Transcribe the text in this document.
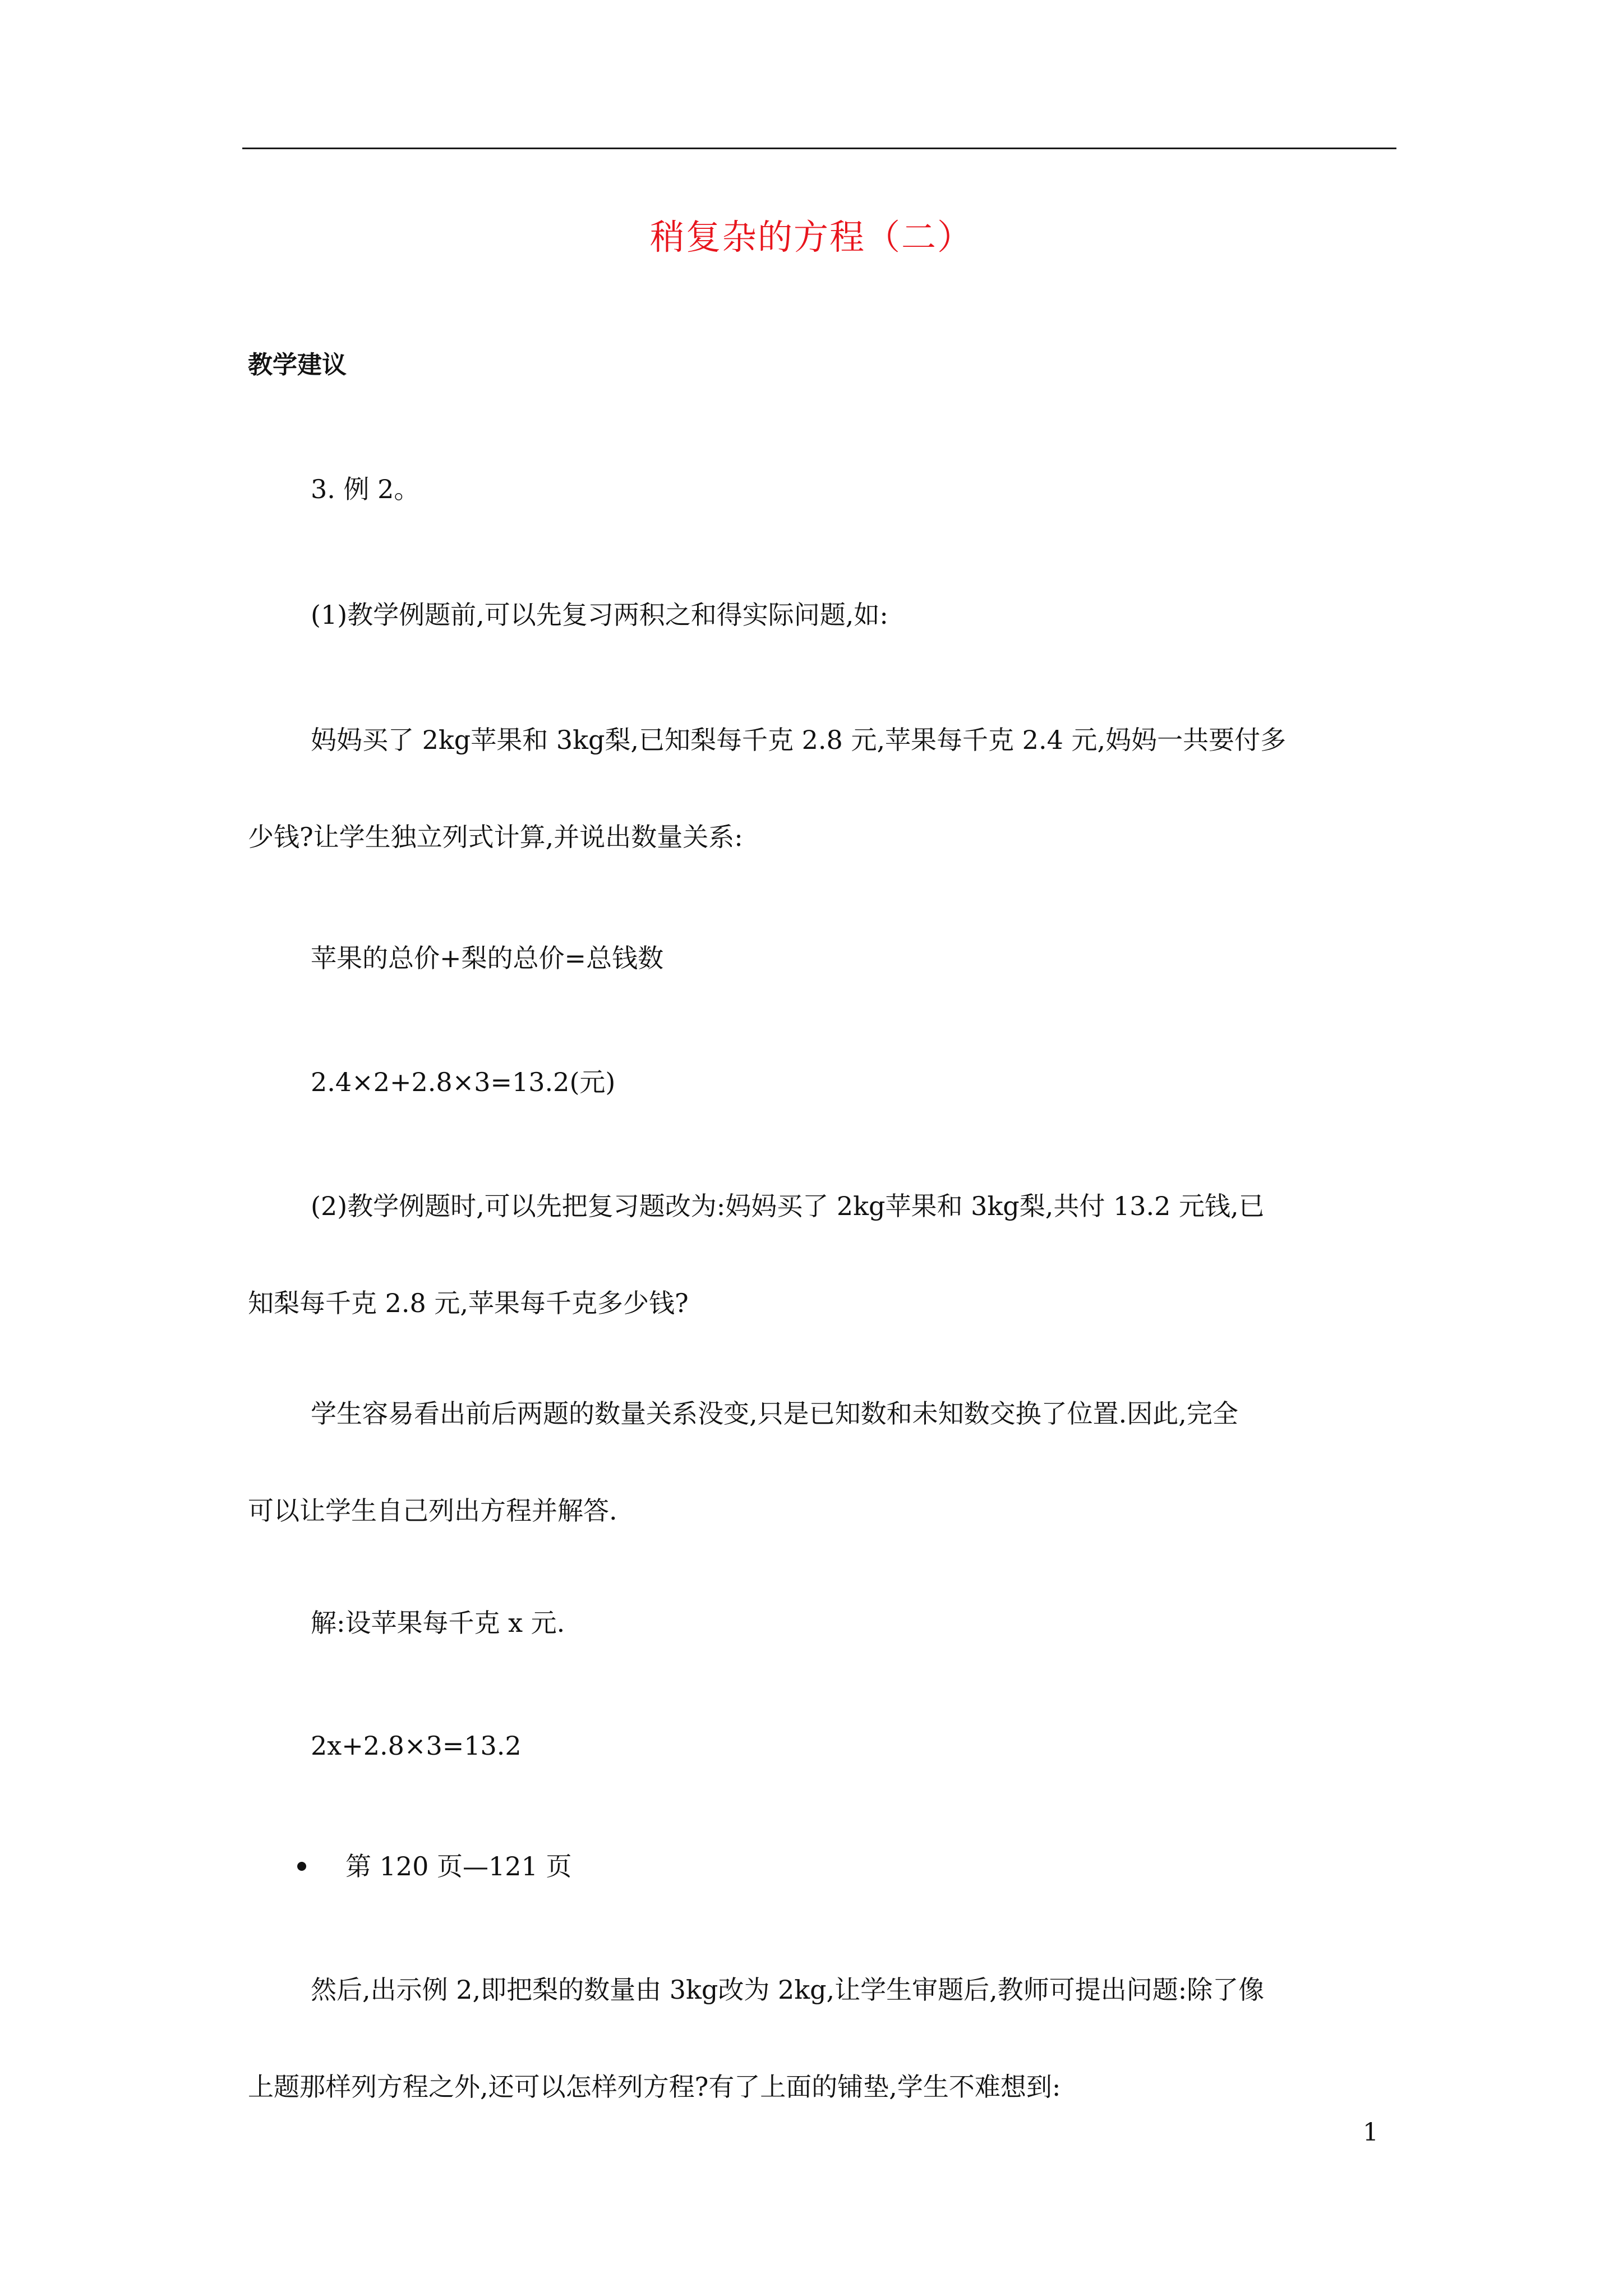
稍复杂的方程（二）
教学建议
3. 例 2。
(1)教学例题前,可以先复习两积之和得实际问题,如:
妈妈买了 2kg苹果和 3kg梨,已知梨每千克 2.8 元,苹果每千克 2.4 元,妈妈一共要付多
少钱?让学生独立列式计算,并说出数量关系:
苹果的总价+梨的总价=总钱数
2.4×2+2.8×3=13.2(元)
(2)教学例题时,可以先把复习题改为:妈妈买了 2kg苹果和 3kg梨,共付 13.2 元钱,已
知梨每千克 2.8 元,苹果每千克多少钱?
学生容易看出前后两题的数量关系没变,只是已知数和未知数交换了位置.因此,完全
可以让学生自己列出方程并解答.
解:设苹果每千克 x 元.
2x+2.8×3=13.2
第 120 页—121 页
然后,出示例 2,即把梨的数量由 3kg改为 2kg,让学生审题后,教师可提出问题:除了像
上题那样列方程之外,还可以怎样列方程?有了上面的铺垫,学生不难想到:
1
